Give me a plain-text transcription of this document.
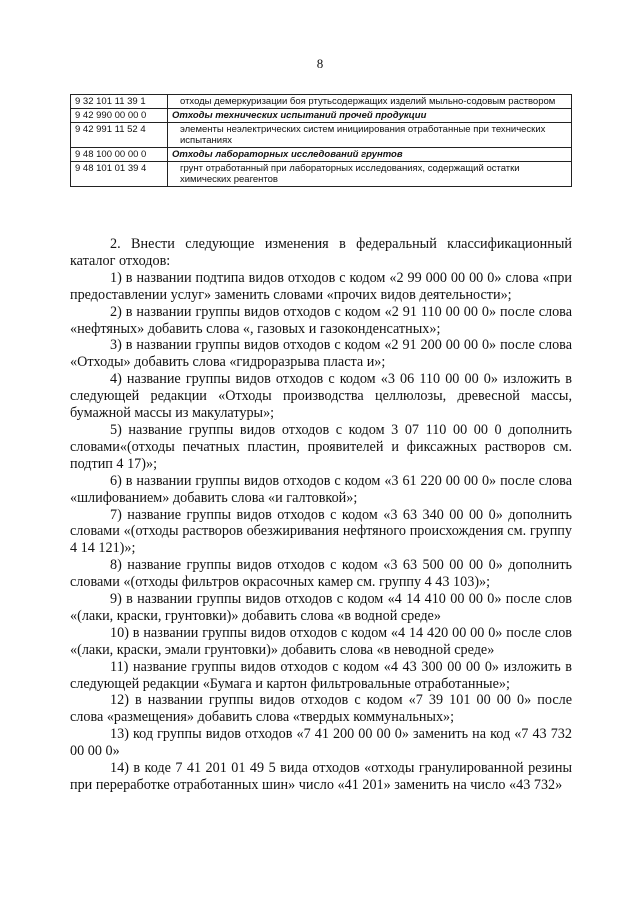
8
9 32 101 11 39 1	отходы демеркуризации боя ртутьсодержащих изделий мыльно-содовым раствором
9 42 990 00 00 0	Отходы технических испытаний прочей продукции
9 42 991 11 52 4	элементы неэлектрических систем инициирования отработанные при технических испытаниях
9 48 100 00 00 0	Отходы лабораторных исследований грунтов
9 48 101 01 39 4	грунт отработанный при лабораторных исследованиях, содержащий остатки химических реагентов

2. Внести следующие изменения в федеральный классификационный каталог отходов:

1) в названии подтипа видов отходов с кодом «2 99 000 00 00 0» слова «при предоставлении услуг» заменить словами «прочих видов деятельности»;

2) в названии группы видов отходов с кодом «2 91 110 00 00 0» после слова «нефтяных» добавить слова «, газовых и газоконденсатных»;

3) в названии группы видов отходов с кодом «2 91 200 00 00 0» после слова «Отходы» добавить слова «гидроразрыва пласта и»;

4) название группы видов отходов с кодом «3 06 110 00 00 0» изложить в следующей редакции «Отходы производства целлюлозы, древесной массы, бумажной массы из макулатуры»;

5) название группы видов отходов с кодом 3 07 110 00 00 0 дополнить словами«(отходы печатных пластин, проявителей и фиксажных растворов см. подтип 4 17)»;

6) в названии группы видов отходов с кодом «3 61 220 00 00 0» после слова «шлифованием» добавить слова «и галтовкой»;

7) название группы видов отходов с кодом «3 63 340 00 00 0» дополнить словами «(отходы растворов обезжиривания нефтяного происхождения см. группу 4 14 121)»;

8) название группы видов отходов с кодом «3 63 500 00 00 0» дополнить словами «(отходы фильтров окрасочных камер см. группу 4 43 103)»;

9) в названии группы видов отходов с кодом «4 14 410 00 00 0» после слов «(лаки, краски, грунтовки)» добавить слова «в водной среде»

10) в названии группы видов отходов с кодом «4 14 420 00 00 0» после слов «(лаки, краски, эмали грунтовки)» добавить слова «в неводной среде»

11) название группы видов отходов с кодом «4 43 300 00 00 0» изложить в следующей редакции «Бумага и картон фильтровальные отработанные»;

12) в названии группы видов отходов с кодом «7 39 101 00 00 0» после слова «размещения» добавить слова «твердых коммунальных»;

13) код группы видов отходов «7 41 200 00 00 0» заменить на код «7 43 732 00 00 0»

14) в коде 7 41 201 01 49 5 вида отходов «отходы гранулированной резины при переработке отработанных шин» число «41 201» заменить на число «43 732»
